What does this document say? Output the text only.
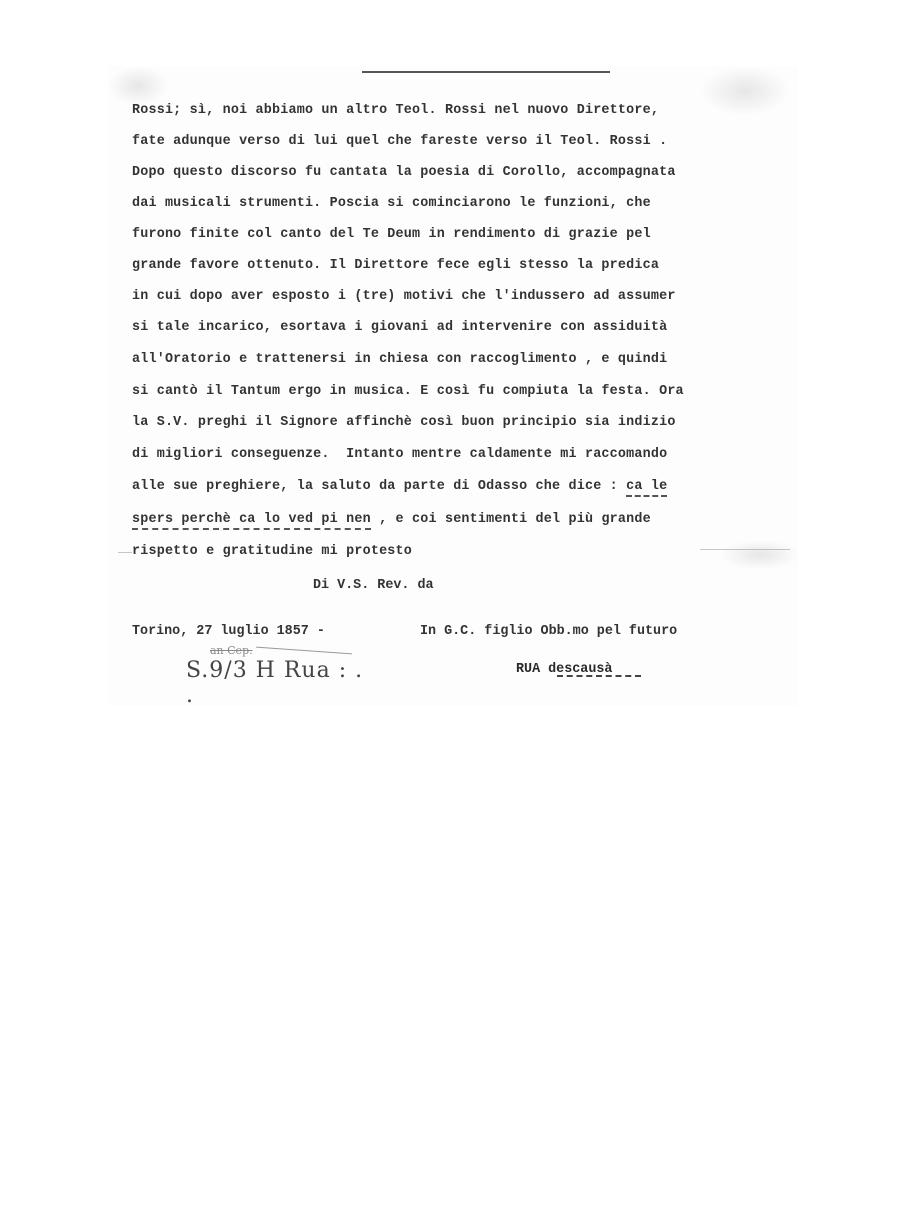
Rossi; sì, noi abbiamo un altro Teol. Rossi nel nuovo Direttore,
fate adunque verso di lui quel che fareste verso il Teol. Rossi .
Dopo questo discorso fu cantata la poesia di Corollo, accompagnata
dai musicali strumenti. Poscia si cominciarono le funzioni, che
furono finite col canto del Te Deum in rendimento di grazie pel
grande favore ottenuto. Il Direttore fece egli stesso la predica
in cui dopo aver esposto i (tre) motivi che l'indussero ad assumer
si tale incarico, esortava i giovani ad intervenire con assiduità
all'Oratorio e trattenersi in chiesa con raccoglimento , e quindi
si cantò il Tantum ergo in musica. E così fu compiuta la festa. Ora
la S.V. preghi il Signore affinchè così buon principio sia indizio
di migliori conseguenze.  Intanto mentre caldamente mi raccomando
alle sue preghiere, la saluto da parte di Odasso che dice : ca le
spers perchè ca lo ved pi nen , e coi sentimenti del più grande
rispetto e gratitudine mi protesto
Di V.S. Rev. da
Torino, 27 luglio 1857 -	In G.C. figlio Obb.mo pel futuro
RUA descausà
an Cep.
S.9/3 H Rua : . .
